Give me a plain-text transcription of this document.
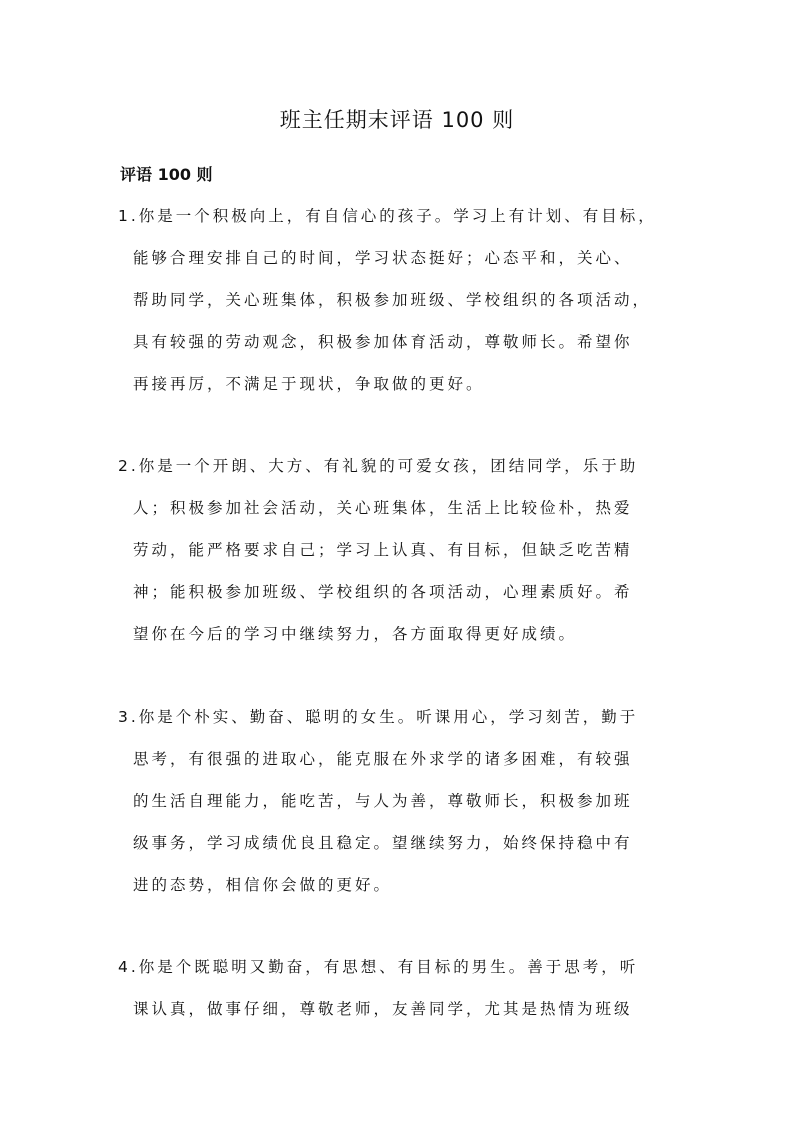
班主任期末评语 100 则
评语 100 则
1.你是一个积极向上，有自信心的孩子。学习上有计划、有目标，
能够合理安排自己的时间，学习状态挺好；心态平和，关心、
帮助同学，关心班集体，积极参加班级、学校组织的各项活动，
具有较强的劳动观念，积极参加体育活动，尊敬师长。希望你
再接再厉，不满足于现状，争取做的更好。
2.你是一个开朗、大方、有礼貌的可爱女孩，团结同学，乐于助
人；积极参加社会活动，关心班集体，生活上比较俭朴，热爱
劳动，能严格要求自己；学习上认真、有目标，但缺乏吃苦精
神；能积极参加班级、学校组织的各项活动，心理素质好。希
望你在今后的学习中继续努力，各方面取得更好成绩。
3.你是个朴实、勤奋、聪明的女生。听课用心，学习刻苦，勤于
思考，有很强的进取心，能克服在外求学的诸多困难，有较强
的生活自理能力，能吃苦，与人为善，尊敬师长，积极参加班
级事务，学习成绩优良且稳定。望继续努力，始终保持稳中有
进的态势，相信你会做的更好。
4.你是个既聪明又勤奋，有思想、有目标的男生。善于思考，听
课认真，做事仔细，尊敬老师，友善同学，尤其是热情为班级
